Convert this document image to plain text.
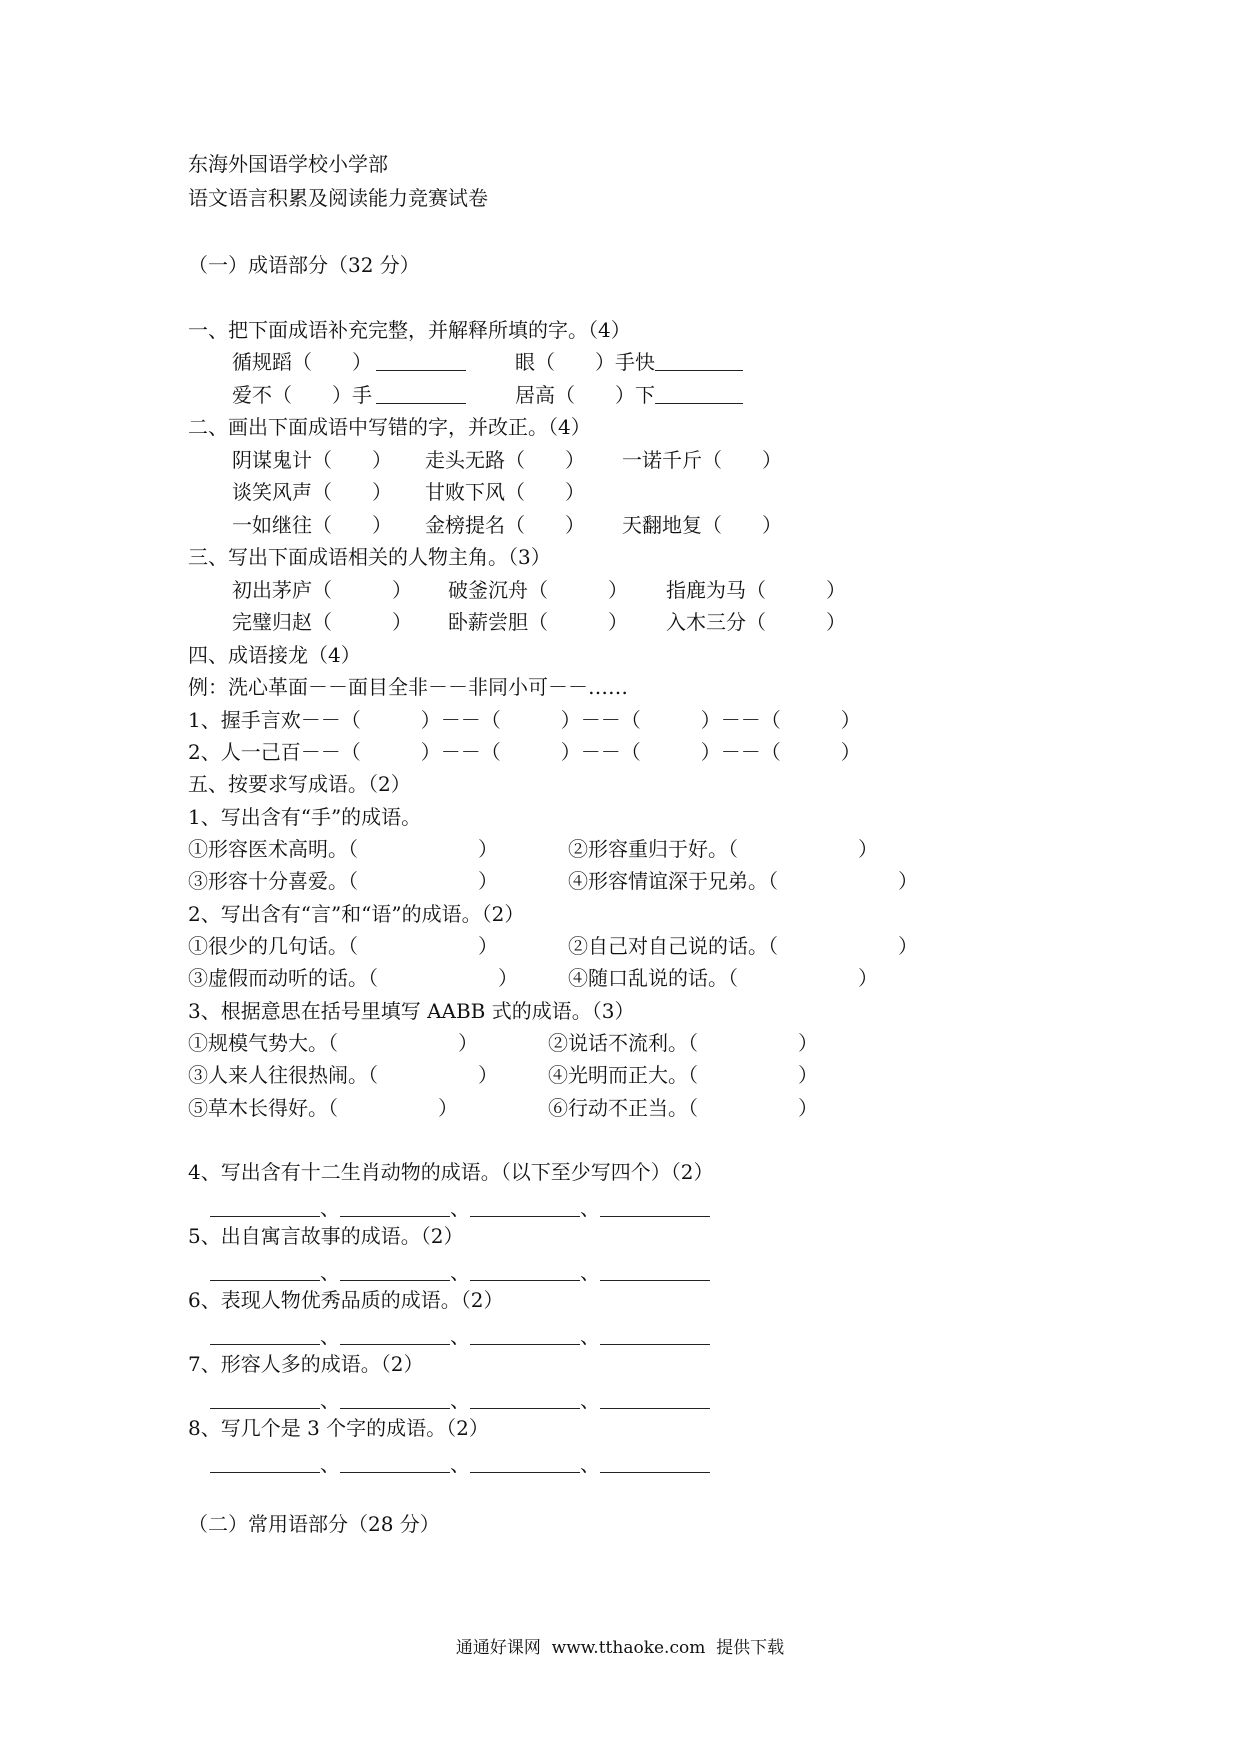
东海外国语学校小学部
语文语言积累及阅读能力竞赛试卷
（一）成语部分（32 分）
一、把下面成语补充完整，并解释所填的字。（4）
循规蹈（　　）	眼（　　）手快
爱不（　　）手	居高（　　）下
二、画出下面成语中写错的字，并改正。（4）
阴谋鬼计（　　） 走头无路（　　） 一诺千斤（　　）
谈笑风声（　　） 甘败下风（　　）
一如继往（　　） 金榜提名（　　） 天翻地复（　　）
三、写出下面成语相关的人物主角。（3）
初出茅庐（　　　） 破釜沉舟（　　　） 指鹿为马（　　　）
完璧归赵（　　　） 卧薪尝胆（　　　） 入木三分（　　　）
四、成语接龙（4）
例：洗心革面－－面目全非－－非同小可－－……
1、握手言欢－－（　　　）－－（　　　）－－（　　　）－－（　　　）
2、人一己百－－（　　　）－－（　　　）－－（　　　）－－（　　　）
五、按要求写成语。（2）
1、写出含有“手”的成语。
①形容医术高明。（　　　　　　）	②形容重归于好。（　　　　　　）
③形容十分喜爱。（　　　　　　）	④形容情谊深于兄弟。（　　　　　　）
2、写出含有“言”和“语”的成语。（2）
①很少的几句话。（　　　　　　）	②自己对自己说的话。（　　　　　　）
③虚假而动听的话。（　　　　　　）	④随口乱说的话。（　　　　　　）
3、根据意思在括号里填写 AABB 式的成语。（3）
①规模气势大。（　　　　　　）	②说话不流利。（　　　　　）
③人来人往很热闹。（　　　　　）	④光明而正大。（　　　　　）
⑤草木长得好。（　　　　　）	⑥行动不正当。（　　　　　）
4、写出含有十二生肖动物的成语。（以下至少写四个）（2）
、	、	、
5、出自寓言故事的成语。（2）
、	、	、
6、表现人物优秀品质的成语。（2）
、	、	、
7、形容人多的成语。（2）
、	、	、
8、写几个是 3 个字的成语。（2）
、	、	、
（二）常用语部分（28 分）
通通好课网  www.tthaoke.com  提供下载
